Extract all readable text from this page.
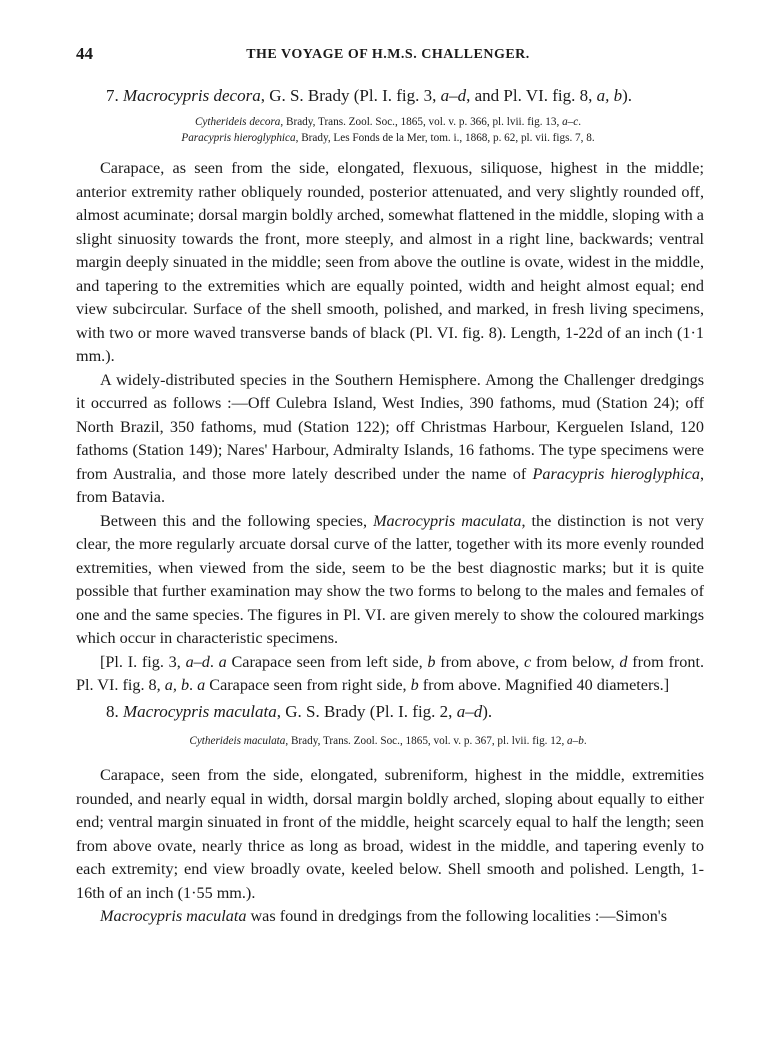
44	THE VOYAGE OF H.M.S. CHALLENGER.
7. Macrocypris decora, G. S. Brady (Pl. I. fig. 3, a–d, and Pl. VI. fig. 8, a, b).
Cytherideis decora, Brady, Trans. Zool. Soc., 1865, vol. v. p. 366, pl. lvii. fig. 13, a–c.
Paracypris hieroglyphica, Brady, Les Fonds de la Mer, tom. i., 1868, p. 62, pl. vii. figs. 7, 8.

Carapace, as seen from the side, elongated, flexuous, siliquose, highest in the middle; anterior extremity rather obliquely rounded, posterior attenuated, and very slightly rounded off, almost acuminate; dorsal margin boldly arched, somewhat flattened in the middle, sloping with a slight sinuosity towards the front, more steeply, and almost in a right line, backwards; ventral margin deeply sinuated in the middle; seen from above the outline is ovate, widest in the middle, and tapering to the extremities which are equally pointed, width and height almost equal; end view subcircular. Surface of the shell smooth, polished, and marked, in fresh living specimens, with two or more waved transverse bands of black (Pl. VI. fig. 8). Length, 1-22d of an inch (1·1 mm.).

A widely-distributed species in the Southern Hemisphere. Among the Challenger dredgings it occurred as follows :—Off Culebra Island, West Indies, 390 fathoms, mud (Station 24); off North Brazil, 350 fathoms, mud (Station 122); off Christmas Harbour, Kerguelen Island, 120 fathoms (Station 149); Nares' Harbour, Admiralty Islands, 16 fathoms. The type specimens were from Australia, and those more lately described under the name of Paracypris hieroglyphica, from Batavia.

Between this and the following species, Macrocypris maculata, the distinction is not very clear, the more regularly arcuate dorsal curve of the latter, together with its more evenly rounded extremities, when viewed from the side, seem to be the best diagnostic marks; but it is quite possible that further examination may show the two forms to belong to the males and females of one and the same species. The figures in Pl. VI. are given merely to show the coloured markings which occur in characteristic specimens.

[Pl. I. fig. 3, a–d. a Carapace seen from left side, b from above, c from below, d from front. Pl. VI. fig. 8, a, b. a Carapace seen from right side, b from above. Magnified 40 diameters.]

8. Macrocypris maculata, G. S. Brady (Pl. I. fig. 2, a–d).
Cytherideis maculata, Brady, Trans. Zool. Soc., 1865, vol. v. p. 367, pl. lvii. fig. 12, a–b.

Carapace, seen from the side, elongated, subreniform, highest in the middle, extremities rounded, and nearly equal in width, dorsal margin boldly arched, sloping about equally to either end; ventral margin sinuated in front of the middle, height scarcely equal to half the length; seen from above ovate, nearly thrice as long as broad, widest in the middle, and tapering evenly to each extremity; end view broadly ovate, keeled below. Shell smooth and polished. Length, 1-16th of an inch (1·55 mm.).

Macrocypris maculata was found in dredgings from the following localities :—Simon's
